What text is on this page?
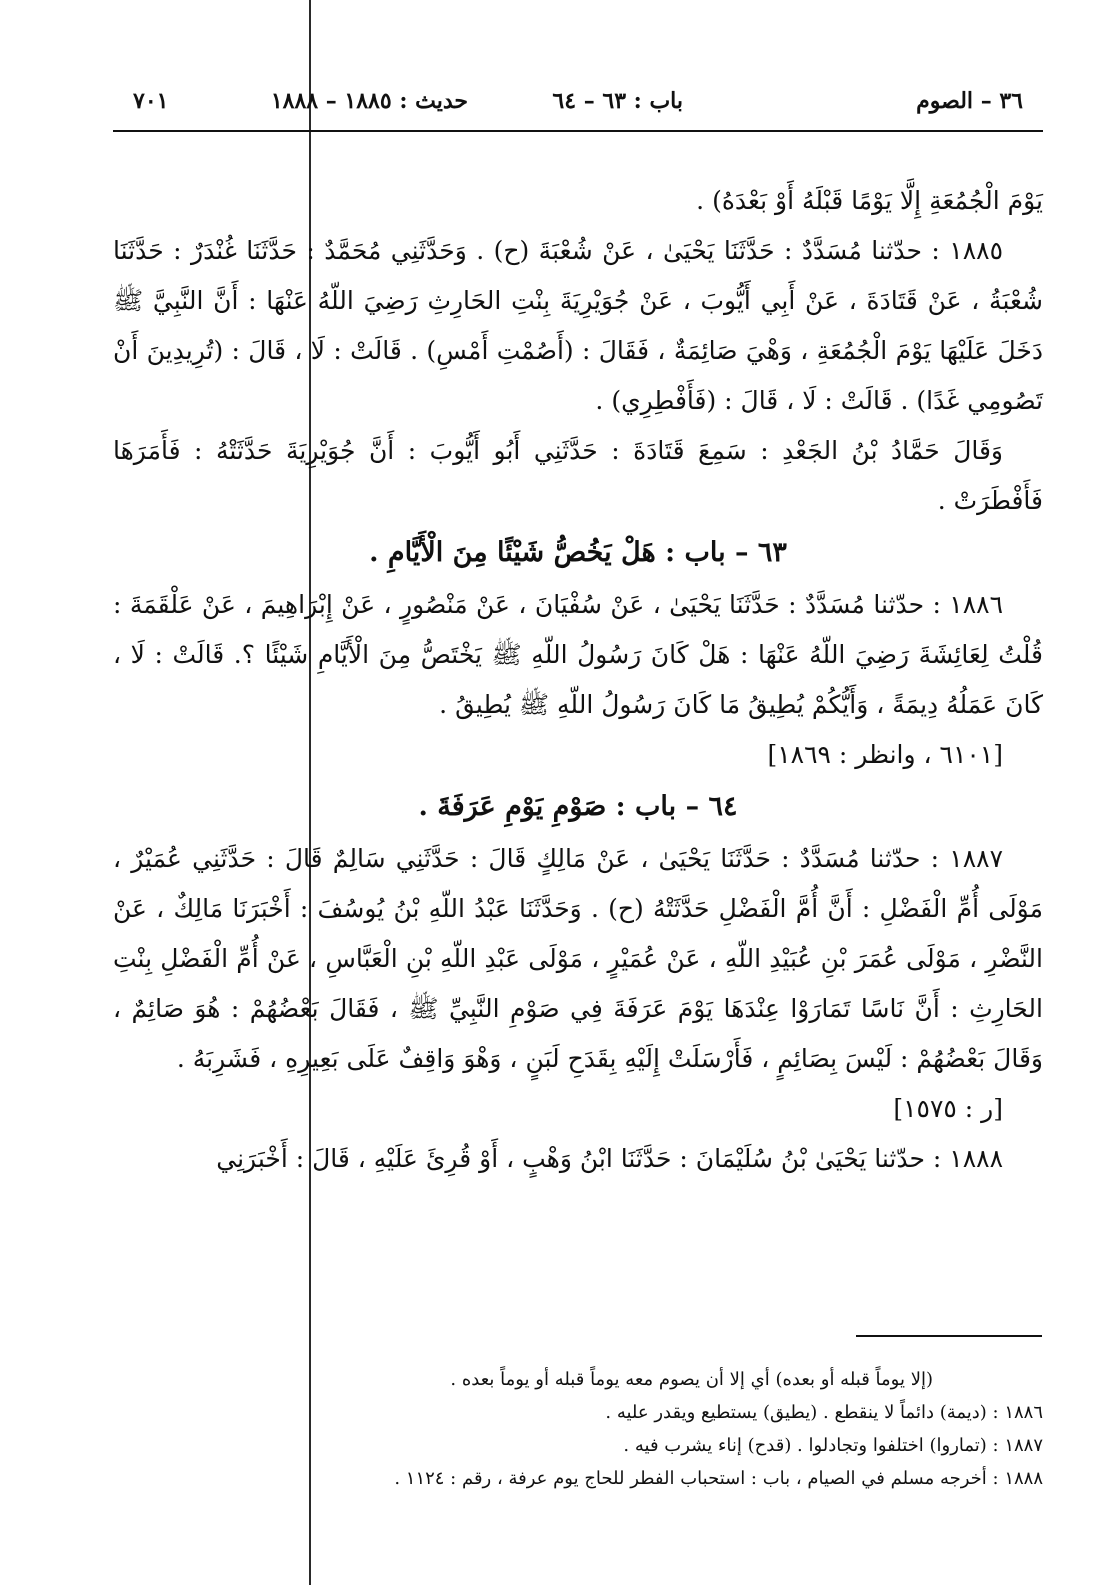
٣٦ – الصوم
باب : ٦٣ – ٦٤
حديث : ١٨٨٥ – ١٨٨٨
٧٠١

يَوْمَ الْجُمُعَةِ إِلَّا يَوْمًا قَبْلَهُ أَوْ بَعْدَهُ) .

١٨٨٥ : حدّثنا مُسَدَّدٌ : حَدَّثَنَا يَحْيَىٰ ، عَنْ شُعْبَةَ (ح) . وَحَدَّثَنِي مُحَمَّدٌ : حَدَّثَنَا غُنْدَرٌ : حَدَّثَنَا شُعْبَةُ ، عَنْ قَتَادَةَ ، عَنْ أَبِي أَيُّوبَ ، عَنْ جُوَيْرِيَةَ بِنْتِ الحَارِثِ رَضِيَ اللّهُ عَنْهَا : أَنَّ النَّبِيَّ ﷺ دَخَلَ عَلَيْهَا يَوْمَ الْجُمُعَةِ ، وَهْيَ صَائِمَةٌ ، فَقَالَ : (أَصُمْتِ أَمْسِ) . قَالَتْ : لَا ، قَالَ : (تُرِيدِينَ أَنْ تَصُومِي غَدًا) . قَالَتْ : لَا ، قَالَ : (فَأَفْطِرِي) .

وَقَالَ حَمَّادُ بْنُ الجَعْدِ : سَمِعَ قَتَادَةَ : حَدَّثَنِي أَبُو أَيُّوبَ : أَنَّ جُوَيْرِيَةَ حَدَّثَتْهُ : فَأَمَرَهَا فَأَفْطَرَتْ .

٦٣ – باب : هَلْ يَخُصُّ شَيْئًا مِنَ الْأَيَّامِ .

١٨٨٦ : حدّثنا مُسَدَّدٌ : حَدَّثَنَا يَحْيَىٰ ، عَنْ سُفْيَانَ ، عَنْ مَنْصُورٍ ، عَنْ إِبْرَاهِيمَ ، عَنْ عَلْقَمَةَ : قُلْتُ لِعَائِشَةَ رَضِيَ اللّهُ عَنْهَا : هَلْ كَانَ رَسُولُ اللّهِ ﷺ يَخْتَصُّ مِنَ الْأَيَّامِ شَيْئًا ؟. قَالَتْ : لَا ، كَانَ عَمَلُهُ دِيمَةً ، وَأَيُّكُمْ يُطِيقُ مَا كَانَ رَسُولُ اللّهِ ﷺ يُطِيقُ .

[٦١٠١ ، وانظر : ١٨٦٩]

٦٤ – باب : صَوْمِ يَوْمِ عَرَفَةَ .

١٨٨٧ : حدّثنا مُسَدَّدٌ : حَدَّثَنَا يَحْيَىٰ ، عَنْ مَالِكٍ قَالَ : حَدَّثَنِي سَالِمٌ قَالَ : حَدَّثَنِي عُمَيْرٌ ، مَوْلَى أُمِّ الْفَضْلِ : أَنَّ أُمَّ الْفَضْلِ حَدَّثَتْهُ (ح) . وَحَدَّثَنَا عَبْدُ اللّهِ بْنُ يُوسُفَ : أَخْبَرَنَا مَالِكٌ ، عَنْ النَّضْرِ ، مَوْلَى عُمَرَ بْنِ عُبَيْدِ اللّهِ ، عَنْ عُمَيْرٍ ، مَوْلَى عَبْدِ اللّهِ بْنِ الْعَبَّاسِ ، عَنْ أُمِّ الْفَضْلِ بِنْتِ الحَارِثِ : أَنَّ نَاسًا تَمَارَوْا عِنْدَهَا يَوْمَ عَرَفَةَ فِي صَوْمِ النَّبِيِّ ﷺ ، فَقَالَ بَعْضُهُمْ : هُوَ صَائِمٌ ، وَقَالَ بَعْضُهُمْ : لَيْسَ بِصَائِمٍ ، فَأَرْسَلَتْ إِلَيْهِ بِقَدَحِ لَبَنٍ ، وَهْوَ وَاقِفٌ عَلَى بَعِيرِهِ ، فَشَرِبَهُ .

[ر : ١٥٧٥]

١٨٨٨ : حدّثنا يَحْيَىٰ بْنُ سُلَيْمَانَ : حَدَّثَنَا ابْنُ وَهْبٍ ، أَوْ قُرِئَ عَلَيْهِ ، قَالَ : أَخْبَرَنِي

(إلا يوماً قبله أو بعده) أي إلا أن يصوم معه يوماً قبله أو يوماً بعده .

١٨٨٦ : (ديمة) دائماً لا ينقطع . (يطيق) يستطيع ويقدر عليه .

١٨٨٧ : (تماروا) اختلفوا وتجادلوا . (قدح) إناء يشرب فيه .

١٨٨٨ : أخرجه مسلم في الصيام ، باب : استحباب الفطر للحاج يوم عرفة ، رقم : ١١٢٤ .
